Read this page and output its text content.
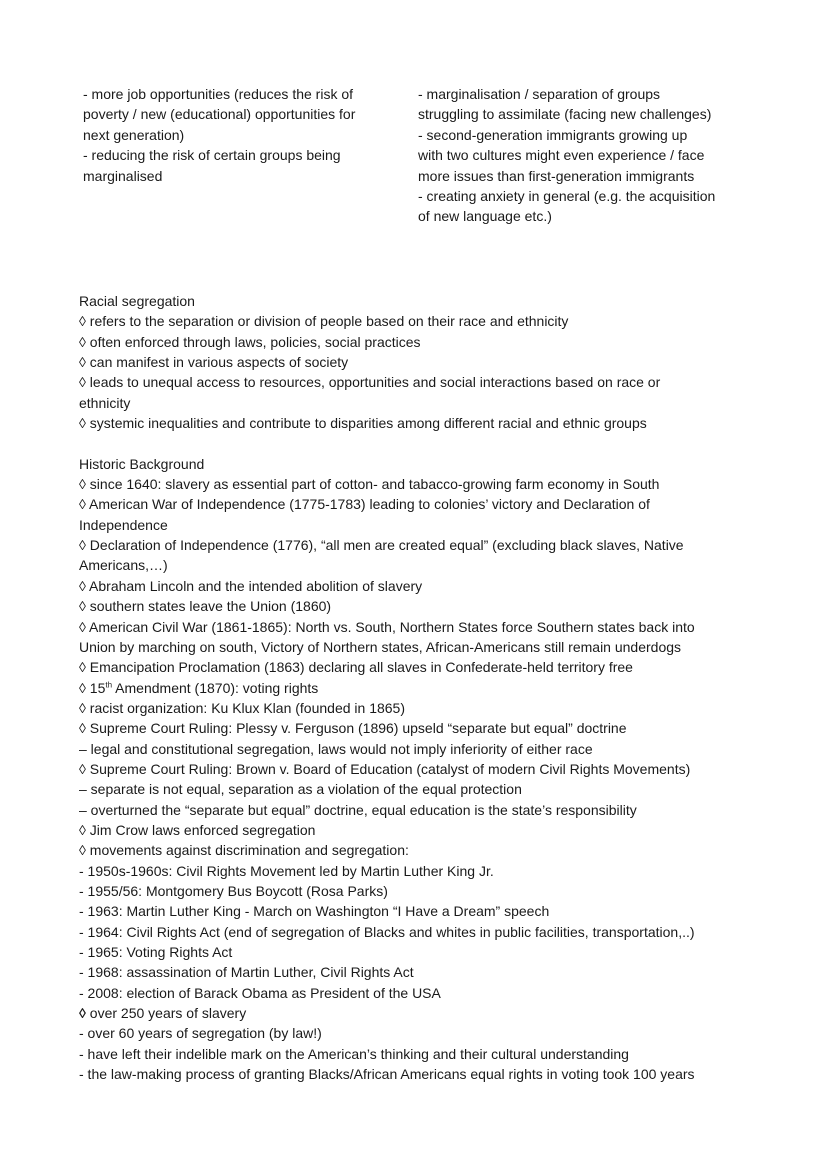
- more job opportunities (reduces the risk of
poverty / new (educational) opportunities for
next generation)
- reducing the risk of certain groups being
marginalised
- marginalisation / separation of groups
struggling to assimilate (facing new challenges)
- second-generation immigrants growing up
with two cultures might even experience / face
more issues than first-generation immigrants
- creating anxiety in general (e.g. the acquisition
of new language etc.)
Racial segregation
◊ refers to the separation or division of people based on their race and ethnicity
◊ often enforced through laws, policies, social practices
◊ can manifest in various aspects of society
◊ leads to unequal access to resources, opportunities and social interactions based on race or
ethnicity
◊ systemic inequalities and contribute to disparities among different racial and ethnic groups
Historic Background
◊ since 1640: slavery as essential part of cotton- and tabacco-growing farm economy in South
◊ American War of Independence (1775-1783) leading to colonies’ victory and Declaration of
Independence
◊ Declaration of Independence (1776), “all men are created equal” (excluding black slaves, Native
Americans,…)
◊ Abraham Lincoln and the intended abolition of slavery
◊ southern states leave the Union (1860)
◊ American Civil War (1861-1865): North vs. South, Northern States force Southern states back into
Union by marching on south, Victory of Northern states, African-Americans still remain underdogs
◊ Emancipation Proclamation (1863) declaring all slaves in Confederate-held territory free
◊ 15th Amendment (1870): voting rights
◊ racist organization: Ku Klux Klan (founded in 1865)
◊ Supreme Court Ruling: Plessy v. Ferguson (1896) upseld “separate but equal” doctrine
– legal and constitutional segregation, laws would not imply inferiority of either race
◊ Supreme Court Ruling: Brown v. Board of Education (catalyst of modern Civil Rights Movements)
– separate is not equal, separation as a violation of the equal protection
– overturned the “separate but equal” doctrine, equal education is the state’s responsibility
◊ Jim Crow laws enforced segregation
◊ movements against discrimination and segregation:
- 1950s-1960s: Civil Rights Movement led by Martin Luther King Jr.
- 1955/56: Montgomery Bus Boycott (Rosa Parks)
- 1963: Martin Luther King - March on Washington “I Have a Dream” speech
- 1964: Civil Rights Act (end of segregation of Blacks and whites in public facilities, transportation,..)
- 1965: Voting Rights Act
- 1968: assassination of Martin Luther, Civil Rights Act
- 2008: election of Barack Obama as President of the USA
◊ over 250 years of slavery
- over 60 years of segregation (by law!)
- have left their indelible mark on the American’s thinking and their cultural understanding
- the law-making process of granting Blacks/African Americans equal rights in voting took 100 years
